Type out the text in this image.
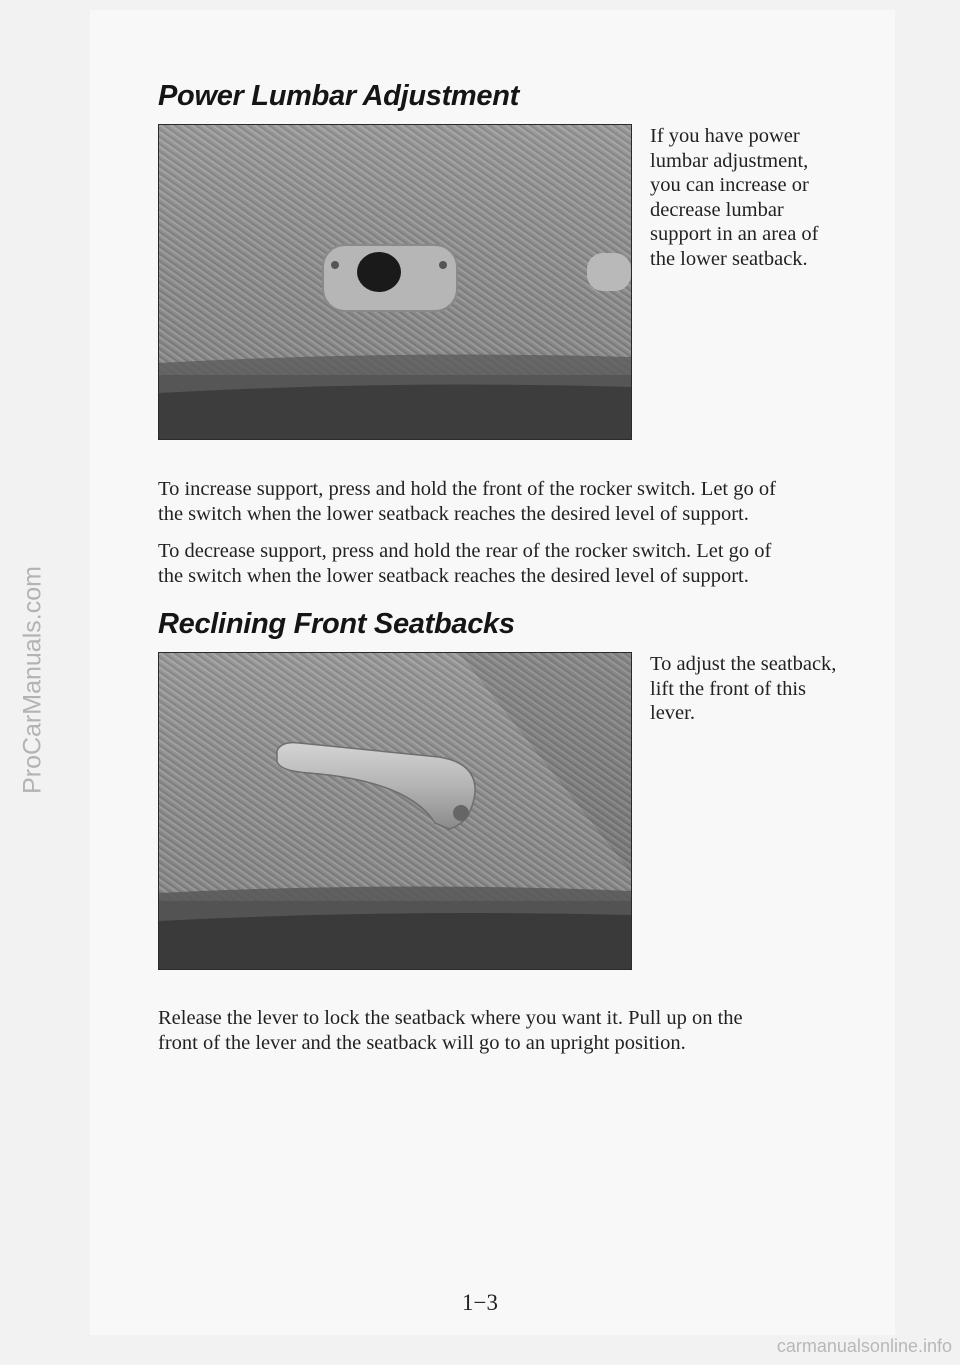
Power Lumbar Adjustment

If you have power
lumbar adjustment,
you can increase or
decrease lumbar
support in an area of
the lower seatback.

To increase support, press and hold the front of the rocker switch. Let go of
the switch when the lower seatback reaches the desired level of support.

To decrease support, press and hold the rear of the rocker switch. Let go of
the switch when the lower seatback reaches the desired level of support.

Reclining Front Seatbacks

To adjust the seatback,
lift the front of this
lever.

Release the lever to lock the seatback where you want it. Pull up on the
front of the lever and the seatback will go to an upright position.

1−3

ProCarManuals.com

carmanualsonline.info
